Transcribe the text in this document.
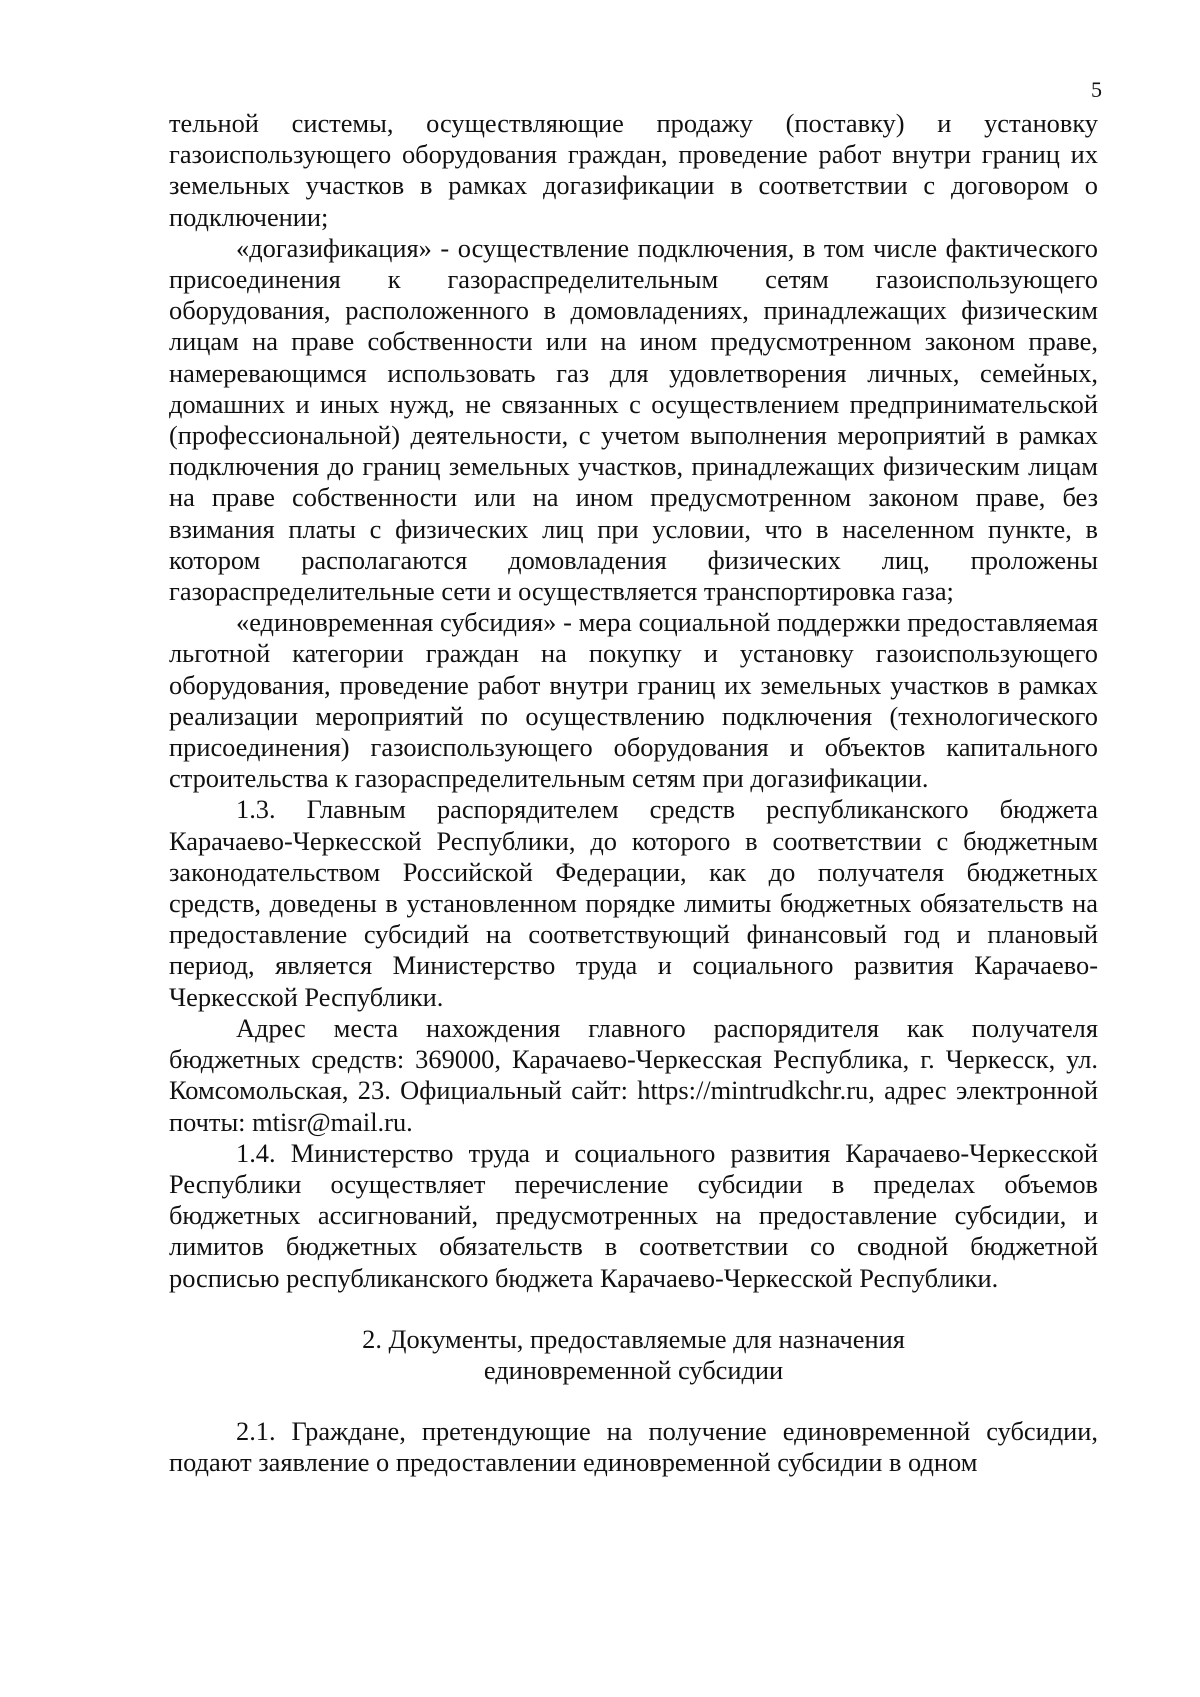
5

тельной системы, осуществляющие продажу (поставку) и установку газоиспользующего оборудования граждан, проведение работ внутри границ их земельных участков в рамках догазификации в соответствии с договором о подключении;

«догазификация» - осуществление подключения, в том числе фактического присоединения к газораспределительным сетям газоиспользующего оборудования, расположенного в домовладениях, принадлежащих физическим лицам на праве собственности или на ином предусмотренном законом праве, намеревающимся использовать газ для удовлетворения личных, семейных, домашних и иных нужд, не связанных с осуществлением предпринимательской (профессиональной) деятельности, с учетом выполнения мероприятий в рамках подключения до границ земельных участков, принадлежащих физическим лицам на праве собственности или на ином предусмотренном законом праве, без взимания платы с физических лиц при условии, что в населенном пункте, в котором располагаются домовладения физических лиц, проложены газораспределительные сети и осуществляется транспортировка газа;

«единовременная субсидия» - мера социальной поддержки предоставляемая льготной категории граждан на покупку и установку газоиспользующего оборудования, проведение работ внутри границ их земельных участков в рамках реализации мероприятий по осуществлению подключения (технологического присоединения) газоиспользующего оборудования и объектов капитального строительства к газораспределительным сетям при догазификации.

1.3. Главным распорядителем средств республиканского бюджета Карачаево-Черкесской Республики, до которого в соответствии с бюджетным законодательством Российской Федерации, как до получателя бюджетных средств, доведены в установленном порядке лимиты бюджетных обязательств на предоставление субсидий на соответствующий финансовый год и плановый период, является Министерство труда и социального развития Карачаево-Черкесской Республики.

Адрес места нахождения главного распорядителя как получателя бюджетных средств: 369000, Карачаево-Черкесская Республика, г. Черкесск, ул. Комсомольская, 23. Официальный сайт: https://mintrudkchr.ru, адрес электронной почты: mtisr@mail.ru.

1.4. Министерство труда и социального развития Карачаево-Черкесской Республики осуществляет перечисление субсидии в пределах объемов бюджетных ассигнований, предусмотренных на предоставление субсидии, и лимитов бюджетных обязательств в соответствии со сводной бюджетной росписью республиканского бюджета Карачаево-Черкесской Республики.

2. Документы, предоставляемые для назначения
единовременной субсидии

2.1. Граждане, претендующие на получение единовременной субсидии, подают заявление о предоставлении единовременной субсидии в одном
